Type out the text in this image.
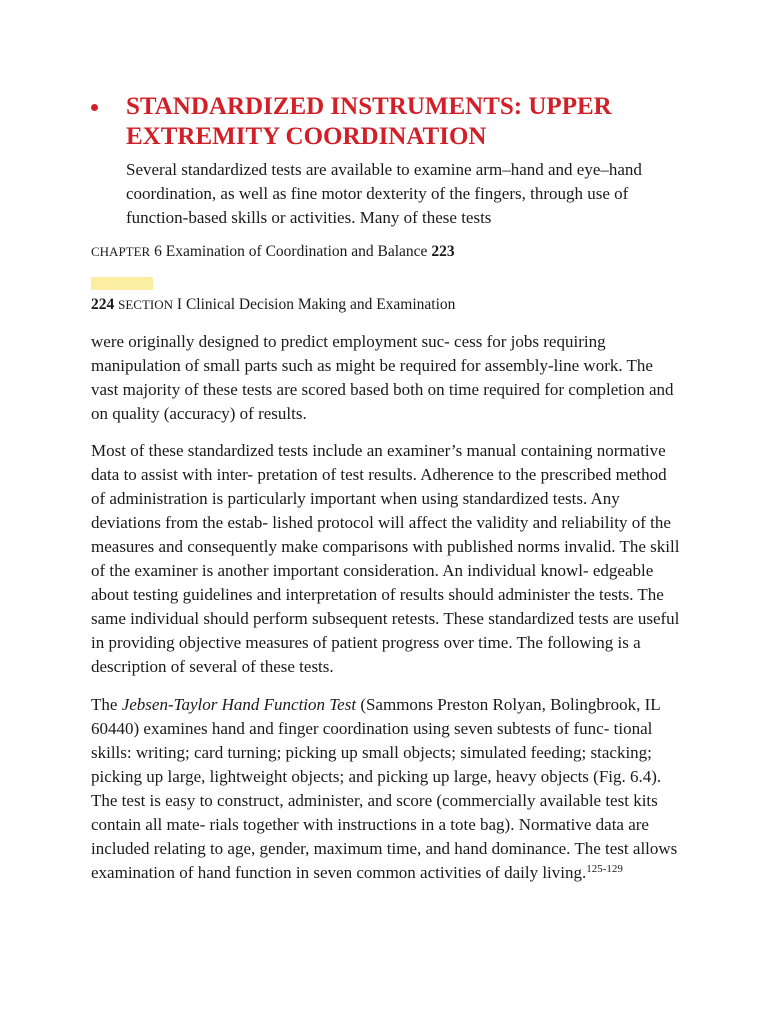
STANDARDIZED INSTRUMENTS: UPPER EXTREMITY COORDINATION
Several standardized tests are available to examine arm–hand and eye–hand coordination, as well as fine motor dexterity of the fingers, through use of function-based skills or activities. Many of these tests
CHAPTER 6 Examination of Coordination and Balance 223
224 SECTION I Clinical Decision Making and Examination

were originally designed to predict employment suc- cess for jobs requiring manipulation of small parts such as might be required for assembly-line work. The vast majority of these tests are scored based both on time required for completion and on quality (accuracy) of results.

Most of these standardized tests include an examiner’s manual containing normative data to assist with inter- pretation of test results. Adherence to the prescribed method of administration is particularly important when using standardized tests. Any deviations from the estab- lished protocol will affect the validity and reliability of the measures and consequently make comparisons with published norms invalid. The skill of the examiner is another important consideration. An individual knowl- edgeable about testing guidelines and interpretation of results should administer the tests. The same individual should perform subsequent retests. These standardized tests are useful in providing objective measures of patient progress over time. The following is a description of several of these tests.

The Jebsen-Taylor Hand Function Test (Sammons Preston Rolyan, Bolingbrook, IL 60440) examines hand and finger coordination using seven subtests of func- tional skills: writing; card turning; picking up small objects; simulated feeding; stacking; picking up large, lightweight objects; and picking up large, heavy objects (Fig. 6.4). The test is easy to construct, administer, and score (commercially available test kits contain all mate- rials together with instructions in a tote bag). Normative data are included relating to age, gender, maximum time, and hand dominance. The test allows examination of hand function in seven common activities of daily living.$^{125-129}$
